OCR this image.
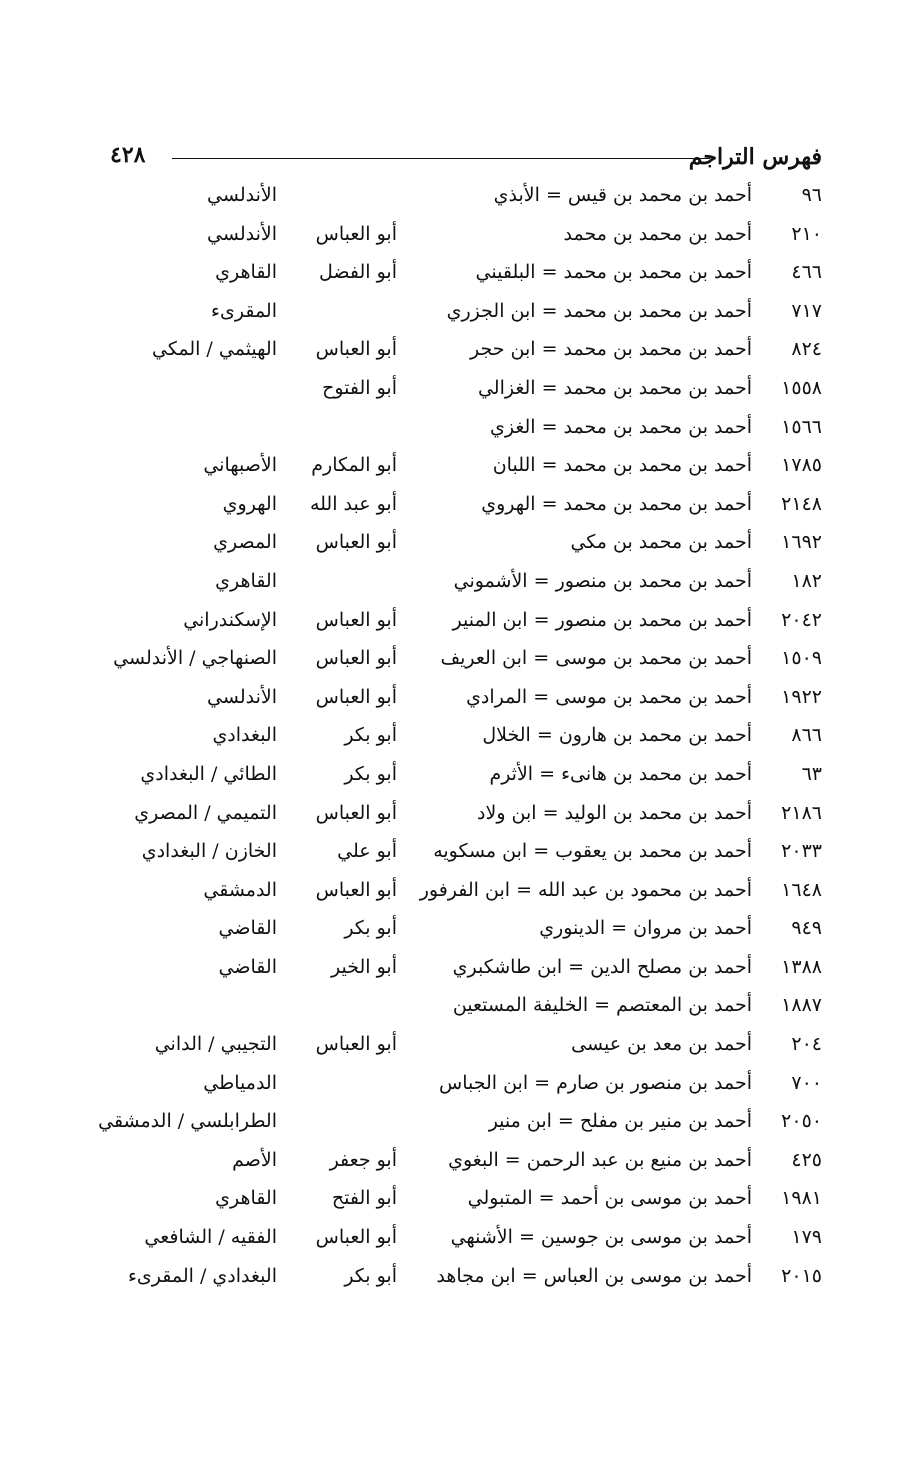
فهرس التراجم
٤٢٨
٩٦
أحمد بن محمد بن قيس = الأبذي
الأندلسي
٢١٠
أحمد بن محمد بن محمد
أبو العباس
الأندلسي
٤٦٦
أحمد بن محمد بن محمد = البلقيني
أبو الفضل
القاهري
٧١٧
أحمد بن محمد بن محمد = ابن الجزري
المقرىء
٨٢٤
أحمد بن محمد بن محمد = ابن حجر
أبو العباس
الهيثمي / المكي
١٥٥٨
أحمد بن محمد بن محمد = الغزالي
أبو الفتوح
١٥٦٦
أحمد بن محمد بن محمد = الغزي
١٧٨٥
أحمد بن محمد بن محمد = اللبان
أبو المكارم
الأصبهاني
٢١٤٨
أحمد بن محمد بن محمد = الهروي
أبو عبد الله
الهروي
١٦٩٢
أحمد بن محمد بن مكي
أبو العباس
المصري
١٨٢
أحمد بن محمد بن منصور = الأشموني
القاهري
٢٠٤٢
أحمد بن محمد بن منصور = ابن المنير
أبو العباس
الإسكندراني
١٥٠٩
أحمد بن محمد بن موسى = ابن العريف
أبو العباس
الصنهاجي / الأندلسي
١٩٢٢
أحمد بن محمد بن موسى = المرادي
أبو العباس
الأندلسي
٨٦٦
أحمد بن محمد بن هارون = الخلال
أبو بكر
البغدادي
٦٣
أحمد بن محمد بن هانىء = الأثرم
أبو بكر
الطائي / البغدادي
٢١٨٦
أحمد بن محمد بن الوليد = ابن ولاد
أبو العباس
التميمي / المصري
٢٠٣٣
أحمد بن محمد بن يعقوب = ابن مسكويه
أبو علي
الخازن / البغدادي
١٦٤٨
أحمد بن محمود بن عبد الله = ابن الفرفور
أبو العباس
الدمشقي
٩٤٩
أحمد بن مروان = الدينوري
أبو بكر
القاضي
١٣٨٨
أحمد بن مصلح الدين = ابن طاشكبري
أبو الخير
القاضي
١٨٨٧
أحمد بن المعتصم = الخليفة المستعين
٢٠٤
أحمد بن معد بن عيسى
أبو العباس
التجيبي / الداني
٧٠٠
أحمد بن منصور بن صارم = ابن الجباس
الدمياطي
٢٠٥٠
أحمد بن منير بن مفلح = ابن منير
الطرابلسي / الدمشقي
٤٢٥
أحمد بن منيع بن عبد الرحمن = البغوي
أبو جعفر
الأصم
١٩٨١
أحمد بن موسى بن أحمد = المتبولي
أبو الفتح
القاهري
١٧٩
أحمد بن موسى بن جوسين = الأشنهي
أبو العباس
الفقيه / الشافعي
٢٠١٥
أحمد بن موسى بن العباس = ابن مجاهد
أبو بكر
البغدادي / المقرىء
